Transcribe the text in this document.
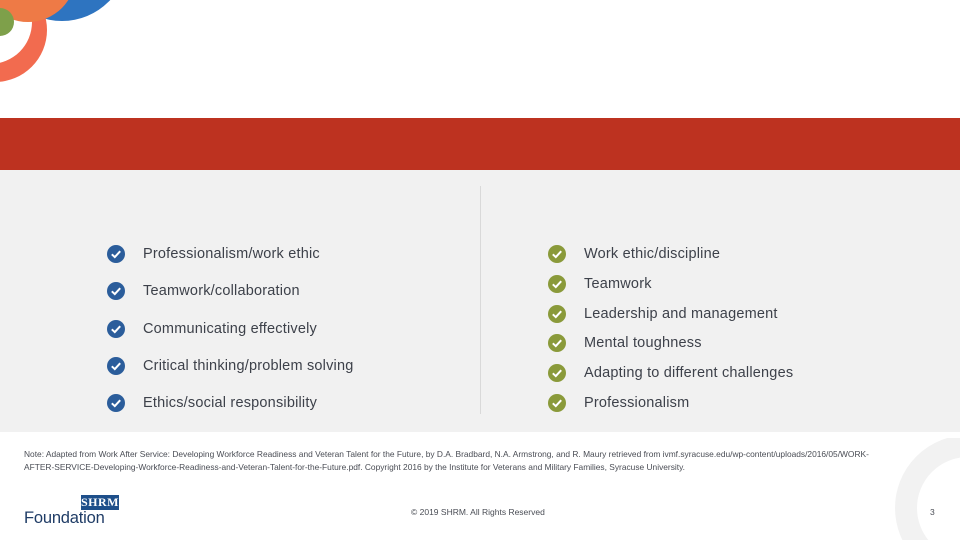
Professionalism/work ethic
Teamwork/collaboration
Communicating effectively
Critical thinking/problem solving
Ethics/social responsibility
Work ethic/discipline
Teamwork
Leadership and management
Mental toughness
Adapting to different challenges
Professionalism
Note: Adapted from Work After Service: Developing Workforce Readiness and Veteran Talent for the Future, by D.A. Bradbard, N.A. Armstrong, and R. Maury retrieved from ivmf.syracuse.edu/wp-content/uploads/2016/05/WORK-AFTER-SERVICE-Developing-Workforce-Readiness-and-Veteran-Talent-for-the-Future.pdf. Copyright 2016 by the Institute for Veterans and Military Families, Syracuse University.
SHRM
Foundation	© 2019 SHRM. All Rights Reserved	3
